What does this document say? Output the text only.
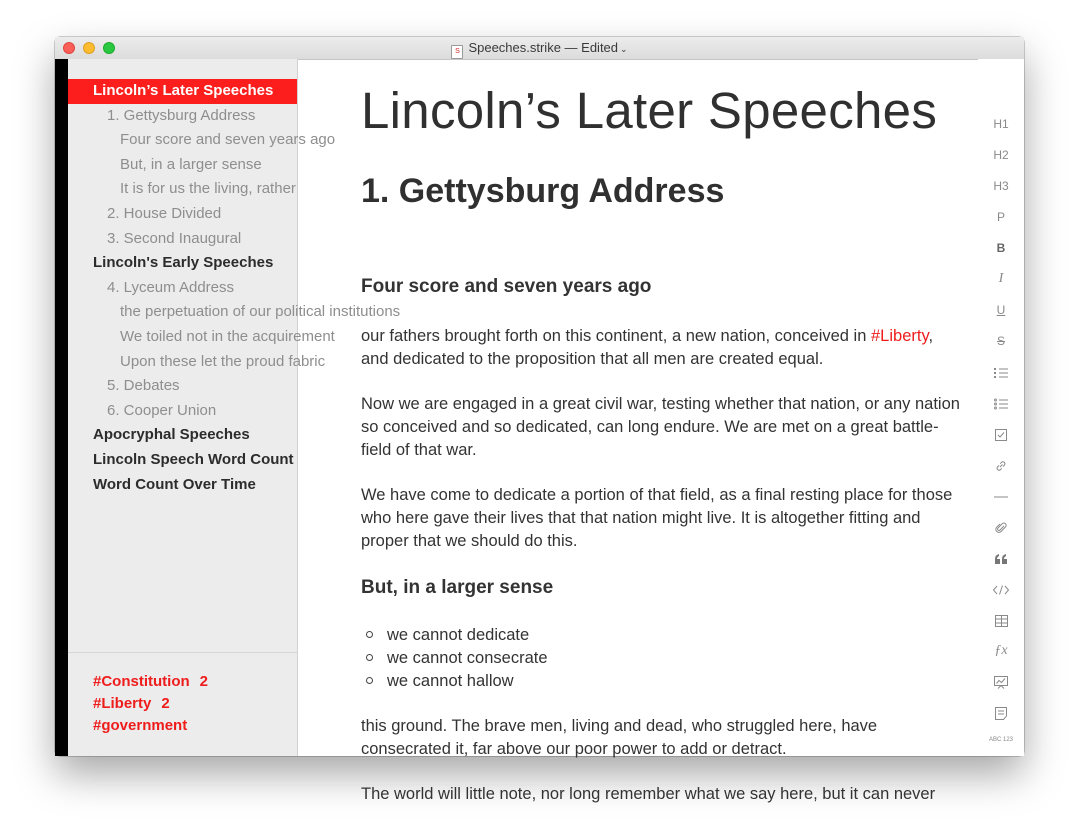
S Speeches.strike — Edited ⌄
Lincoln’s Later Speeches
1. Gettysburg Address
Four score and seven years ago
But, in a larger sense
It is for us the living, rather
2. House Divided
3. Second Inaugural
Lincoln's Early Speeches
4. Lyceum Address
the perpetuation of our political institutions
We toiled not in the acquirement
Upon these let the proud fabric
5. Debates
6. Cooper Union
Apocryphal Speeches
Lincoln Speech Word Count
Word Count Over Time
#Constitution 2
#Liberty 2
#government
Lincoln’s Later Speeches
1. Gettysburg Address
Four score and seven years ago
our fathers brought forth on this continent, a new nation, conceived in #Liberty, and dedicated to the proposition that all men are created equal.
Now we are engaged in a great civil war, testing whether that nation, or any nation so conceived and so dedicated, can long endure. We are met on a great battle-field of that war.
We have come to dedicate a portion of that field, as a final resting place for those who here gave their lives that that nation might live. It is altogether fitting and proper that we should do this.
But, in a larger sense
we cannot dedicate
we cannot consecrate
we cannot hallow
this ground. The brave men, living and dead, who struggled here, have consecrated it, far above our poor power to add or detract.
The world will little note, nor long remember what we say here, but it can never
H1
H2
H3
P
B
I
U
S
ƒx
ABC 123
